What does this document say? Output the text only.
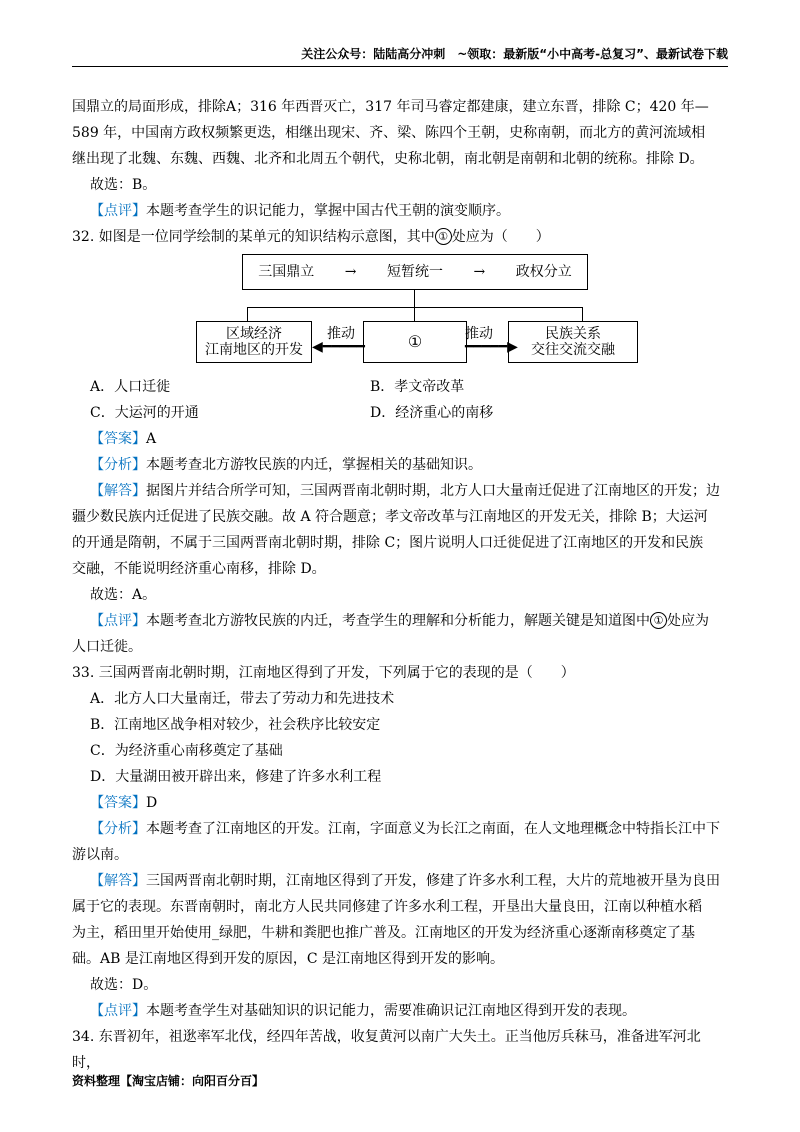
关注公众号：陆陆高分冲刺　~领取：最新版“小中高考-总复习”、最新试卷下载

国鼎立的局面形成，排除A；316 年西晋灭亡，317 年司马睿定都建康，建立东晋，排除 C；420 年—

589 年，中国南方政权频繁更迭，相继出现宋、齐、梁、陈四个王朝，史称南朝，而北方的黄河流域相

继出现了北魏、东魏、西魏、北齐和北周五个朝代，史称北朝，南北朝是南朝和北朝的统称。排除 D。

故选：B。

【点评】本题考查学生的识记能力，掌握中国古代王朝的演变顺序。

32. 如图是一位同学绘制的某单元的知识结构示意图，其中 ① 处应为（　　）

三国鼎立 → 短暂统一 → 政权分立
区域经济
江南地区的开发	①	民族关系
交往交流交融
推动
◀━━━━━
推动
━━━━━▶
A．人口迁徙	B．孝文帝改革
C．大运河的开通	D．经济重心的南移

【答案】A

【分析】本题考查北方游牧民族的内迁，掌握相关的基础知识。

【解答】据图片并结合所学可知，三国两晋南北朝时期，北方人口大量南迁促进了江南地区的开发；边

疆少数民族内迁促进了民族交融。故 A 符合题意；孝文帝改革与江南地区的开发无关，排除 B；大运河

的开通是隋朝，不属于三国两晋南北朝时期，排除 C；图片说明人口迁徙促进了江南地区的开发和民族

交融，不能说明经济重心南移，排除 D。

故选：A。

【点评】本题考查北方游牧民族的内迁，考查学生的理解和分析能力，解题关键是知道图中 ① 处应为

人口迁徙。

33. 三国两晋南北朝时期，江南地区得到了开发，下列属于它的表现的是（　　）

A．北方人口大量南迁，带去了劳动力和先进技术
B．江南地区战争相对较少，社会秩序比较安定
C．为经济重心南移奠定了基础
D．大量湖田被开辟出来，修建了许多水利工程

【答案】D

【分析】本题考查了江南地区的开发。江南，字面意义为长江之南面，在人文地理概念中特指长江中下

游以南。

【解答】三国两晋南北朝时期，江南地区得到了开发，修建了许多水利工程，大片的荒地被开垦为良田

属于它的表现。东晋南朝时，南北方人民共同修建了许多水利工程，开垦出大量良田，江南以种植水稻

为主，稻田里开始使用_绿肥，牛耕和粪肥也推广普及。江南地区的开发为经济重心逐渐南移奠定了基

础。AB 是江南地区得到开发的原因，C 是江南地区得到开发的影响。

故选：D。

【点评】本题考查学生对基础知识的识记能力，需要准确识记江南地区得到开发的表现。

34. 东晋初年，祖逖率军北伐，经四年苦战，收复黄河以南广大失土。正当他厉兵秣马，准备进军河北时，

资料整理【淘宝店铺：向阳百分百】
